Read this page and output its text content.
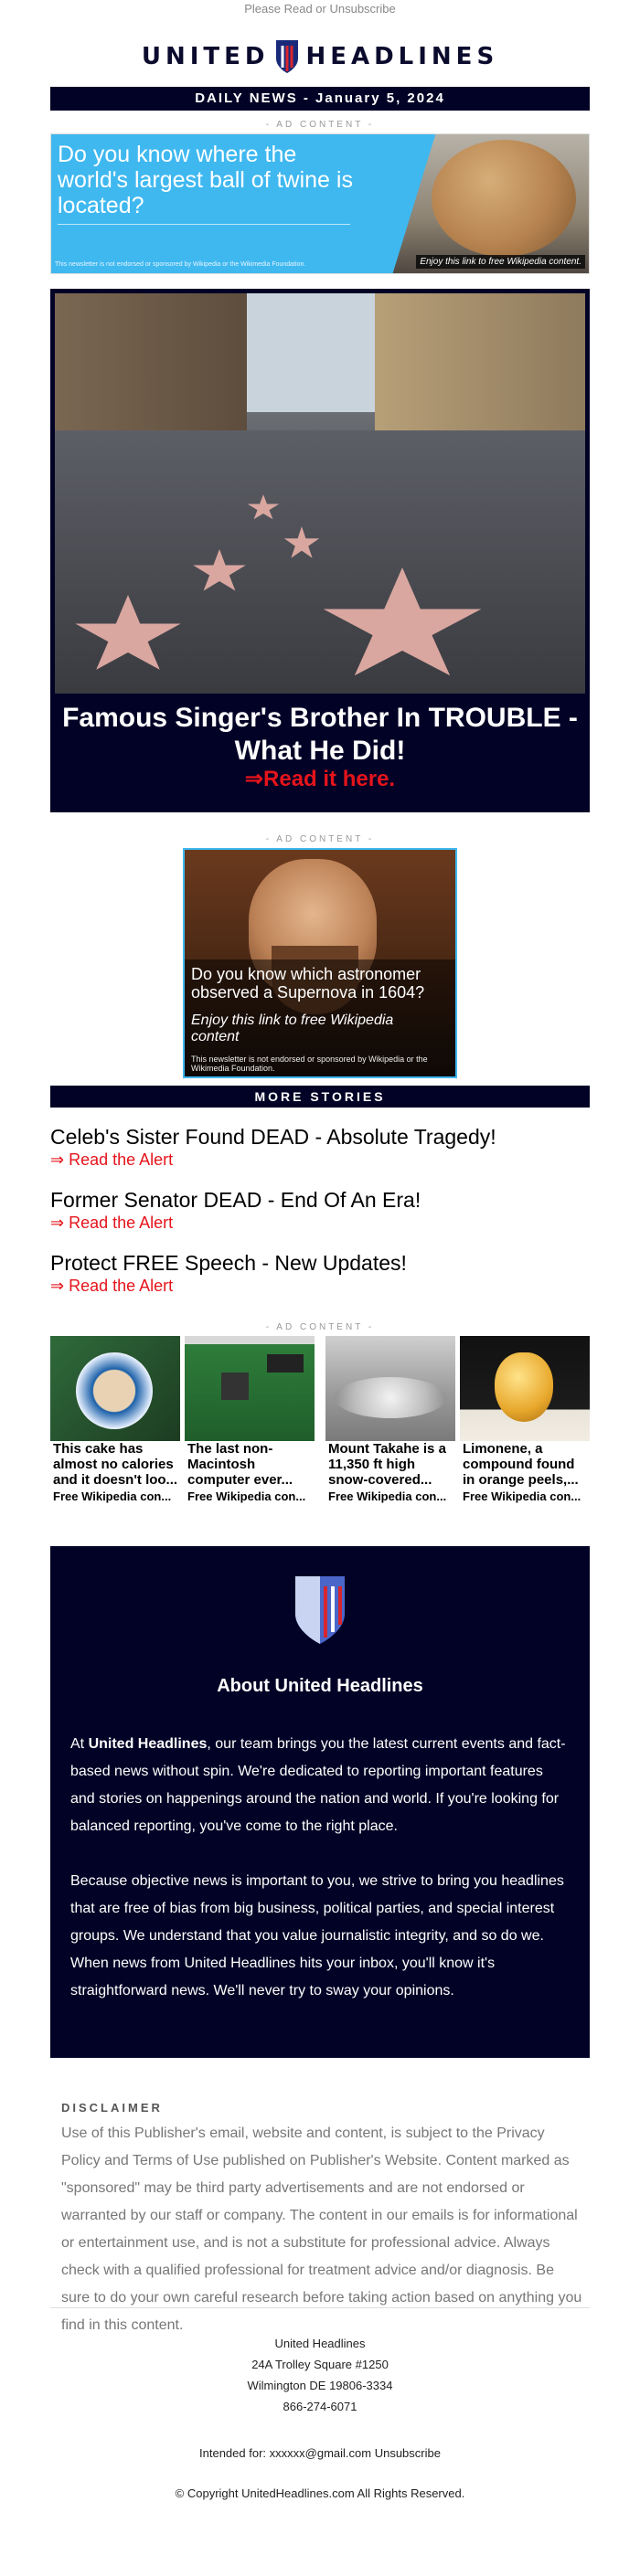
Please Read or Unsubscribe
UNITED HEADLINES
DAILY NEWS - January 5, 2024
- AD CONTENT -
Do you know where the world's largest ball of twine is located?
This newsletter is not endorsed or sponsored by Wikipedia or the Wikimedia Foundation.	Enjoy this link to free Wikipedia content.
Famous Singer's Brother In TROUBLE - What He Did!
⇒Read it here.
- AD CONTENT -
Do you know which astronomer observed a Supernova in 1604?
Enjoy this link to free Wikipedia content
This newsletter is not endorsed or sponsored by Wikipedia or the Wikimedia Foundation.
MORE STORIES
Celeb's Sister Found DEAD - Absolute Tragedy!
⇒ Read the Alert
Former Senator DEAD - End Of An Era!
⇒ Read the Alert
Protect FREE Speech - New Updates!
⇒ Read the Alert
- AD CONTENT -
This cake has almost no calories and it doesn't loo...
Free Wikipedia con...
The last non-Macintosh computer ever...
Free Wikipedia con...
Mount Takahe is a 11,350 ft high snow-covered...
Free Wikipedia con...
Limonene, a compound found in orange peels,...
Free Wikipedia con...
About United Headlines
At United Headlines, our team brings you the latest current events and fact-based news without spin. We're dedicated to reporting important features and stories on happenings around the nation and world. If you're looking for balanced reporting, you've come to the right place.
Because objective news is important to you, we strive to bring you headlines that are free of bias from big business, political parties, and special interest groups. We understand that you value journalistic integrity, and so do we. When news from United Headlines hits your inbox, you'll know it's straightforward news. We'll never try to sway your opinions.
DISCLAIMER
Use of this Publisher's email, website and content, is subject to the Privacy Policy and Terms of Use published on Publisher's Website. Content marked as "sponsored" may be third party advertisements and are not endorsed or warranted by our staff or company. The content in our emails is for informational or entertainment use, and is not a substitute for professional advice. Always check with a qualified professional for treatment advice and/or diagnosis. Be sure to do your own careful research before taking action based on anything you find in this content.
United Headlines
24A Trolley Square #1250
Wilmington DE 19806-3334
866-274-6071
Intended for: xxxxxx@gmail.com Unsubscribe
© Copyright UnitedHeadlines.com All Rights Reserved.
